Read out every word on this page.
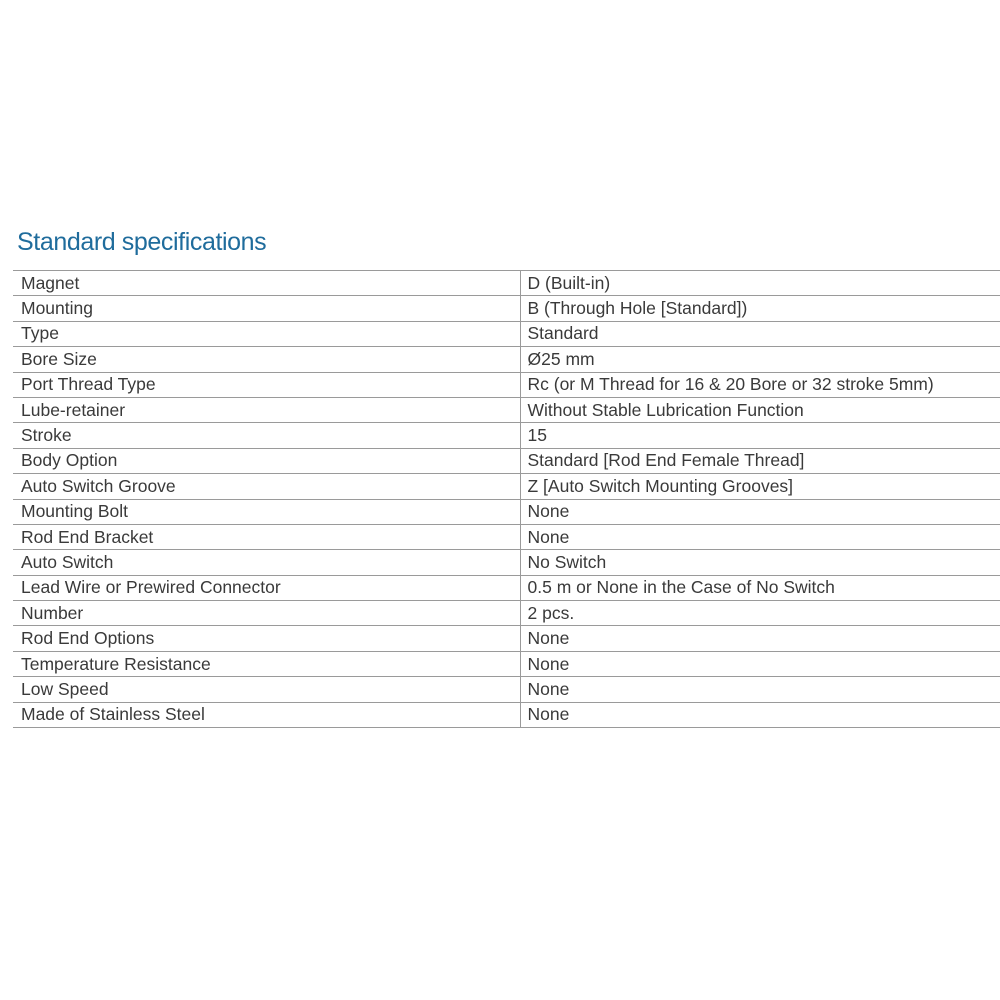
Standard specifications
Magnet	D (Built-in)
Mounting	B (Through Hole [Standard])
Type	Standard
Bore Size	Ø25 mm
Port Thread Type	Rc (or M Thread for 16 & 20 Bore or 32 stroke 5mm)
Lube-retainer	Without Stable Lubrication Function
Stroke	15
Body Option	Standard [Rod End Female Thread]
Auto Switch Groove	Z [Auto Switch Mounting Grooves]
Mounting Bolt	None
Rod End Bracket	None
Auto Switch	No Switch
Lead Wire or Prewired Connector	0.5 m or None in the Case of No Switch
Number	2 pcs.
Rod End Options	None
Temperature Resistance	None
Low Speed	None
Made of Stainless Steel	None
